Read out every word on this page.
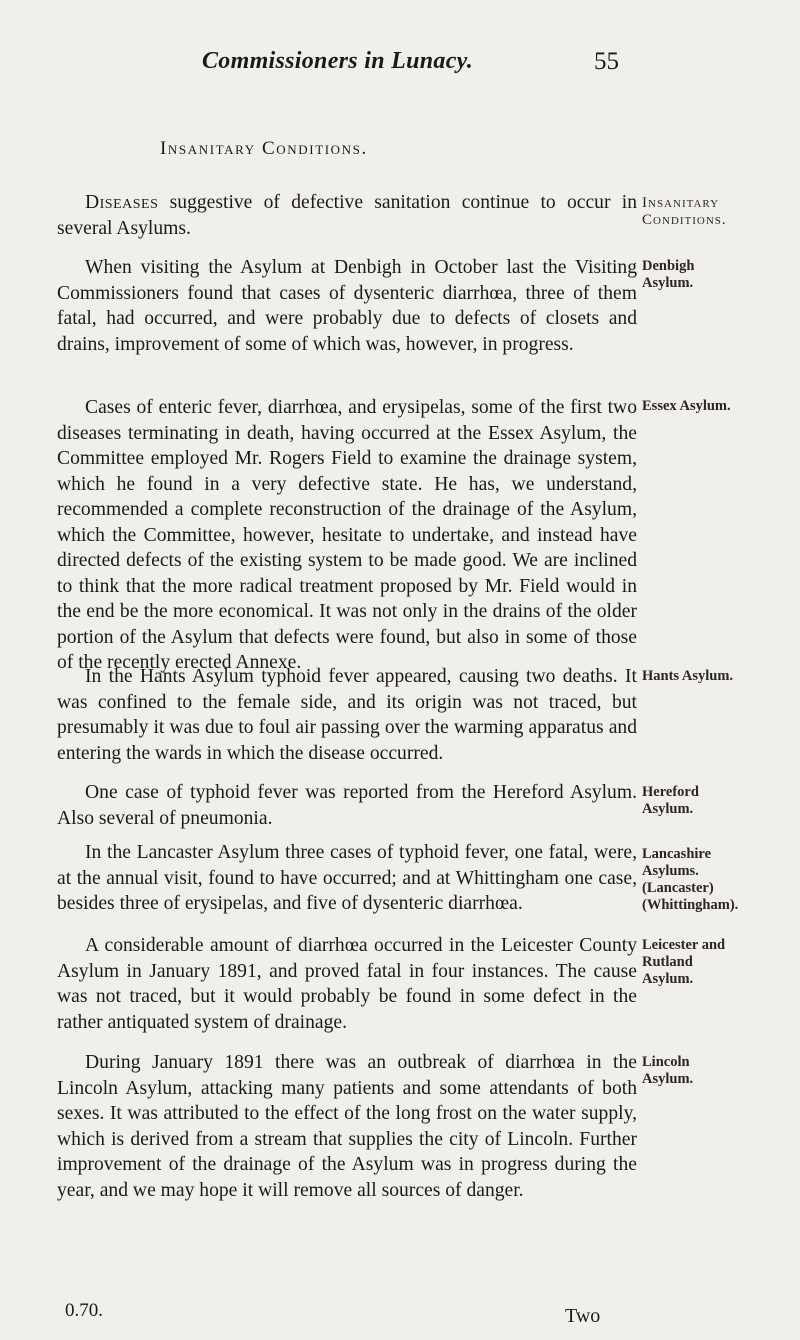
Commissioners in Lunacy.	55
Insanitary Conditions.

Diseases suggestive of defective sanitation continue to occur in several Asylums.

When visiting the Asylum at Denbigh in October last the Visiting Commissioners found that cases of dysenteric diarrhœa, three of them fatal, had occurred, and were probably due to defects of closets and drains, improvement of some of which was, however, in progress.

Cases of enteric fever, diarrhœa, and erysipelas, some of the first two diseases terminating in death, having occurred at the Essex Asylum, the Committee employed Mr. Rogers Field to examine the drainage system, which he found in a very defective state. He has, we understand, recommended a complete reconstruction of the drainage of the Asylum, which the Committee, however, hesitate to undertake, and instead have directed defects of the existing system to be made good. We are inclined to think that the more radical treatment proposed by Mr. Field would in the end be the more economical. It was not only in the drains of the older portion of the Asylum that defects were found, but also in some of those of the recently erected Annexe.

In the Hants Asylum typhoid fever appeared, causing two deaths. It was confined to the female side, and its origin was not traced, but presumably it was due to foul air passing over the warming apparatus and entering the wards in which the disease occurred.

One case of typhoid fever was reported from the Hereford Asylum. Also several of pneumonia.

In the Lancaster Asylum three cases of typhoid fever, one fatal, were, at the annual visit, found to have occurred; and at Whittingham one case, besides three of erysipelas, and five of dysenteric diarrhœa.

A considerable amount of diarrhœa occurred in the Leicester County Asylum in January 1891, and proved fatal in four instances. The cause was not traced, but it would probably be found in some defect in the rather antiquated system of drainage.

During January 1891 there was an outbreak of diarrhœa in the Lincoln Asylum, attacking many patients and some attendants of both sexes. It was attributed to the effect of the long frost on the water supply, which is derived from a stream that supplies the city of Lincoln. Further improvement of the drainage of the Asylum was in progress during the year, and we may hope it will remove all sources of danger.

Insanitary
Conditions.
Denbigh
Asylum.
Essex Asylum.
Hants Asylum.
Hereford
Asylum.
Lancashire
Asylums.
(Lancaster)
(Whittingham).
Leicester and
Rutland
Asylum.
Lincoln
Asylum.
0.70.	Two
